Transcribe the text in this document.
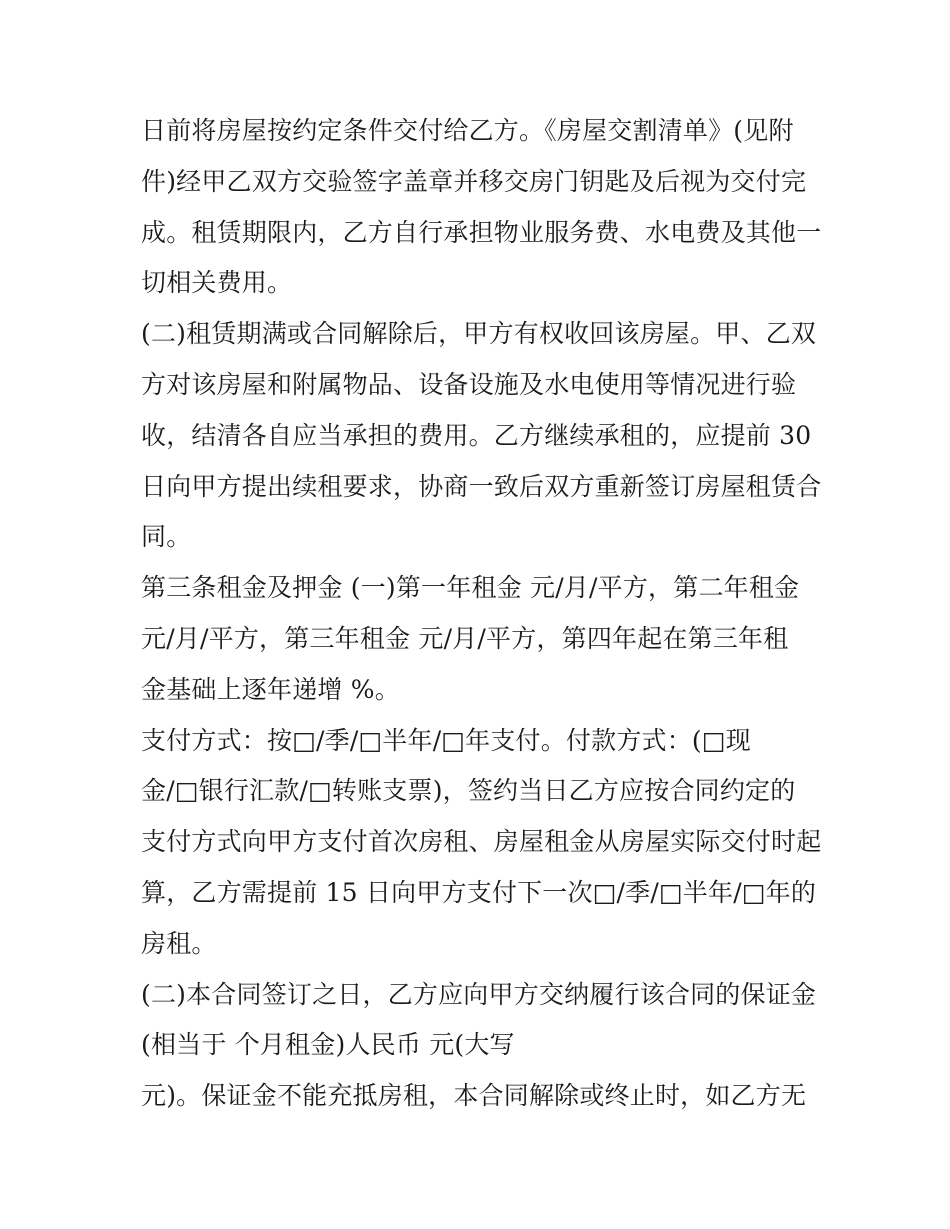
日前将房屋按约定条件交付给乙方。《房屋交割清单》(见附
件)经甲乙双方交验签字盖章并移交房门钥匙及后视为交付完
成。租赁期限内，乙方自行承担物业服务费、水电费及其他一
切相关费用。
(二)租赁期满或合同解除后，甲方有权收回该房屋。甲、乙双
方对该房屋和附属物品、设备设施及水电使用等情况进行验
收，结清各自应当承担的费用。乙方继续承租的，应提前 30
日向甲方提出续租要求，协商一致后双方重新签订房屋租赁合
同。
第三条租金及押金 (一)第一年租金 元/月/平方，第二年租金
元/月/平方，第三年租金 元/月/平方，第四年起在第三年租
金基础上逐年递增 %。
支付方式：按□/季/□半年/□年支付。付款方式：(□现
金/□银行汇款/□转账支票)，签约当日乙方应按合同约定的
支付方式向甲方支付首次房租、房屋租金从房屋实际交付时起
算，乙方需提前 15 日向甲方支付下一次□/季/□半年/□年的
房租。
(二)本合同签订之日，乙方应向甲方交纳履行该合同的保证金
(相当于 个月租金)人民币 元(大写
元)。保证金不能充抵房租，本合同解除或终止时，如乙方无
